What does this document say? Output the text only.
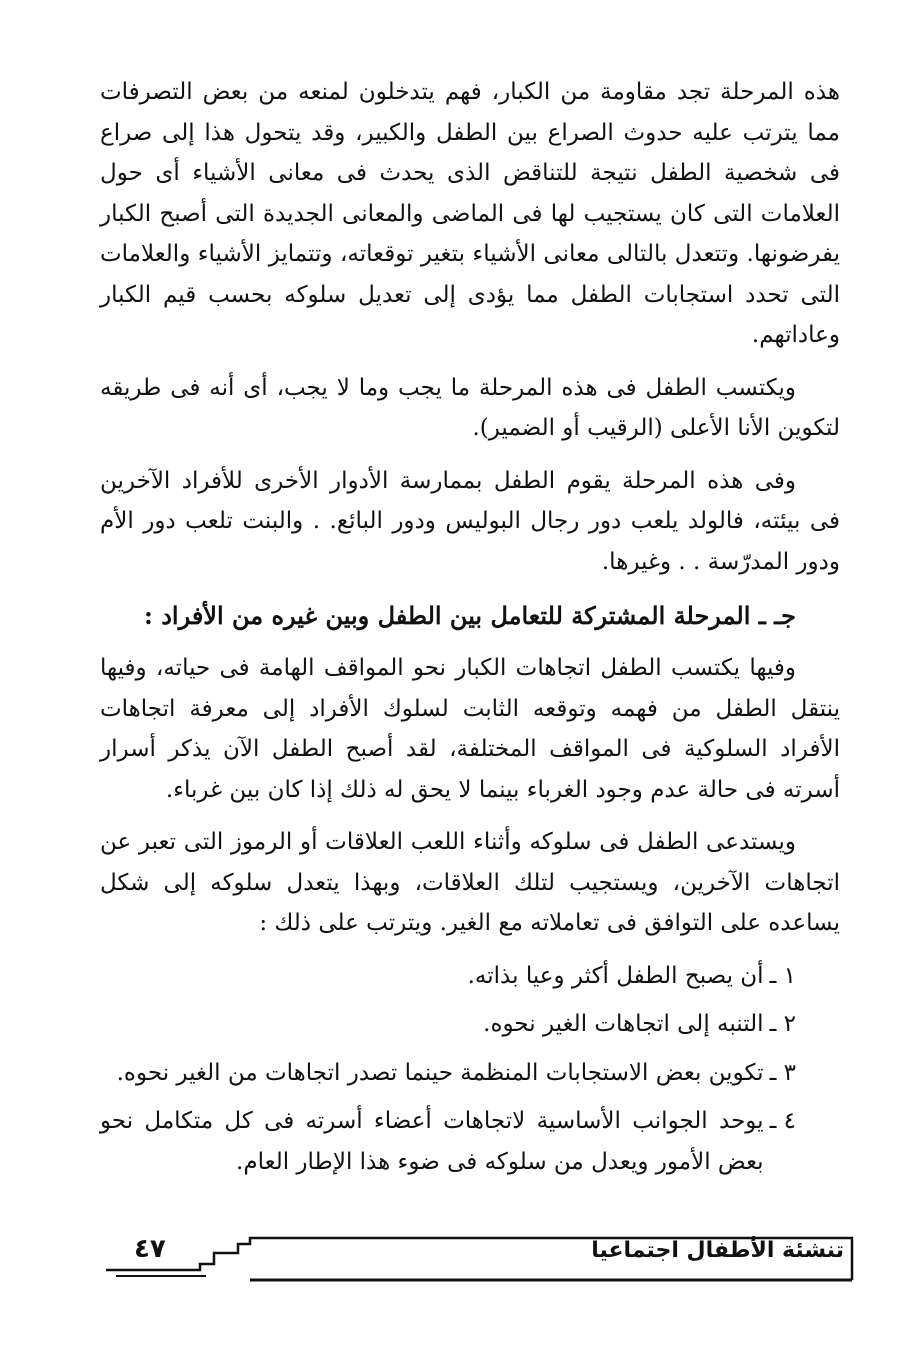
هذه المرحلة تجد مقاومة من الكبار، فهم يتدخلون لمنعه من بعض التصرفات مما يترتب عليه حدوث الصراع بين الطفل والكبير، وقد يتحول هذا إلى صراع فى شخصية الطفل نتيجة للتناقض الذى يحدث فى معانى الأشياء أى حول العلامات التى كان يستجيب لها فى الماضى والمعانى الجديدة التى أصبح الكبار يفرضونها. وتتعدل بالتالى معانى الأشياء بتغير توقعاته، وتتمايز الأشياء والعلامات التى تحدد استجابات الطفل مما يؤدى إلى تعديل سلوكه بحسب قيم الكبار وعاداتهم.

ويكتسب الطفل فى هذه المرحلة ما يجب وما لا يجب، أى أنه فى طريقه لتكوين الأنا الأعلى (الرقيب أو الضمير).

وفى هذه المرحلة يقوم الطفل بممارسة الأدوار الأخرى للأفراد الآخرين فى بيئته، فالولد يلعب دور رجال البوليس ودور البائع. . والبنت تلعب دور الأم ودور المدرّسة . . وغيرها.

جـ ـ المرحلة المشتركة للتعامل بين الطفل وبين غيره من الأفراد :

وفيها يكتسب الطفل اتجاهات الكبار نحو المواقف الهامة فى حياته، وفيها ينتقل الطفل من فهمه وتوقعه الثابت لسلوك الأفراد إلى معرفة اتجاهات الأفراد السلوكية فى المواقف المختلفة، لقد أصبح الطفل الآن يذكر أسرار أسرته فى حالة عدم وجود الغرباء بينما لا يحق له ذلك إذا كان بين غرباء.

ويستدعى الطفل فى سلوكه وأثناء اللعب العلاقات أو الرموز التى تعبر عن اتجاهات الآخرين، ويستجيب لتلك العلاقات، وبهذا يتعدل سلوكه إلى شكل يساعده على التوافق فى تعاملاته مع الغير. ويترتب على ذلك :

١ ـ
أن يصبح الطفل أكثر وعيا بذاته.
٢ ـ
التنبه إلى اتجاهات الغير نحوه.
٣ ـ
تكوين بعض الاستجابات المنظمة حينما تصدر اتجاهات من الغير نحوه.
٤ ـ
يوحد الجوانب الأساسية لاتجاهات أعضاء أسرته فى كل متكامل نحو بعض الأمور ويعدل من سلوكه فى ضوء هذا الإطار العام.
٤٧	تنشئة الأطفال اجتماعيا
